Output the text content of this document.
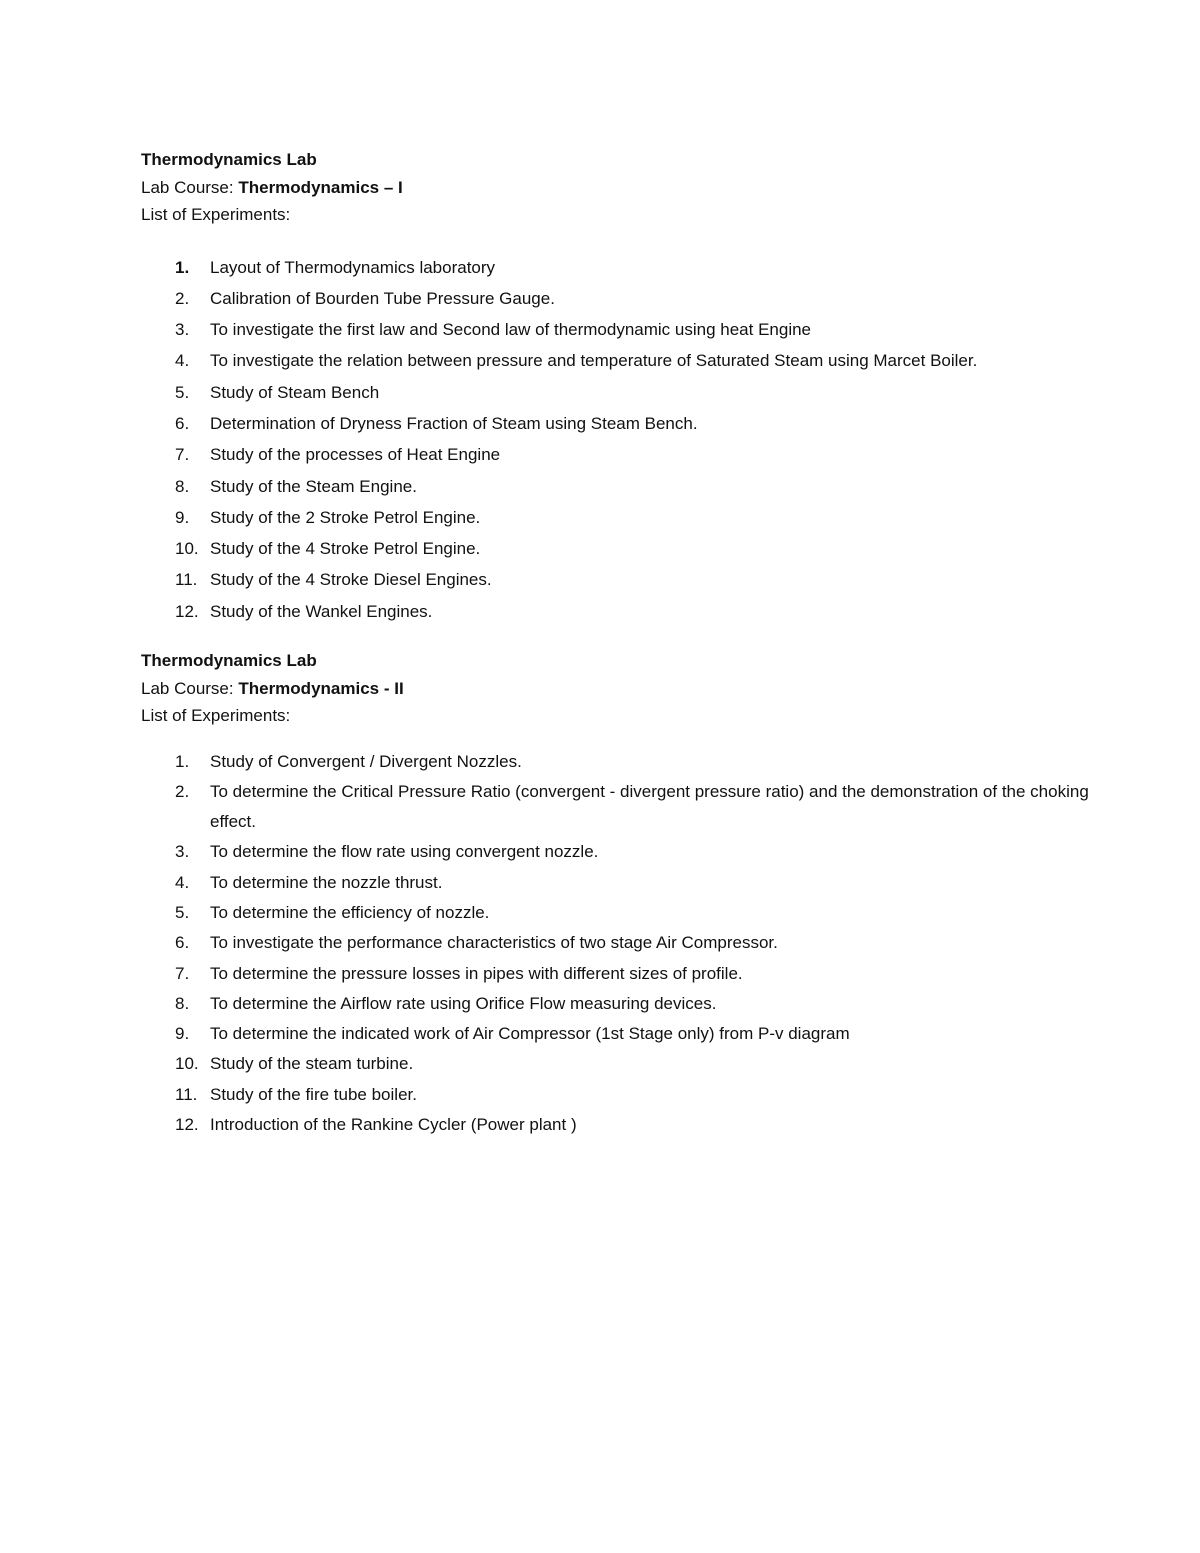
Thermodynamics Lab
Lab Course: Thermodynamics – I
List of Experiments:
1.	Layout of Thermodynamics laboratory
2.	Calibration of Bourden Tube Pressure Gauge.
3.	To investigate the first law and Second law of thermodynamic using heat Engine
4.	To investigate the relation between pressure and temperature of Saturated Steam using Marcet Boiler.
5.	Study of Steam Bench
6.	Determination of Dryness Fraction of Steam using Steam Bench.
7.	Study of the processes of Heat Engine
8.	Study of the Steam Engine.
9.	Study of the 2 Stroke Petrol Engine.
10. Study of the 4 Stroke Petrol Engine.
11. Study of the 4 Stroke Diesel Engines.
12. Study of the Wankel Engines.
Thermodynamics Lab
Lab Course: Thermodynamics - II
List of Experiments:
1.	Study of Convergent / Divergent Nozzles.
2.	To determine the Critical Pressure Ratio (convergent - divergent pressure ratio) and the demonstration of the choking effect.
3.	To determine the flow rate using convergent nozzle.
4.	To determine the nozzle thrust.
5.	To determine the efficiency of nozzle.
6.	To investigate the performance characteristics of two stage Air Compressor.
7.	To determine the pressure losses in pipes with different sizes of profile.
8.	To determine the Airflow rate using Orifice Flow measuring devices.
9.	To determine the indicated work of Air Compressor (1st Stage only) from P-v diagram
10. Study of the steam turbine.
11. Study of the fire tube boiler.
12. Introduction of the Rankine Cycler (Power plant )
